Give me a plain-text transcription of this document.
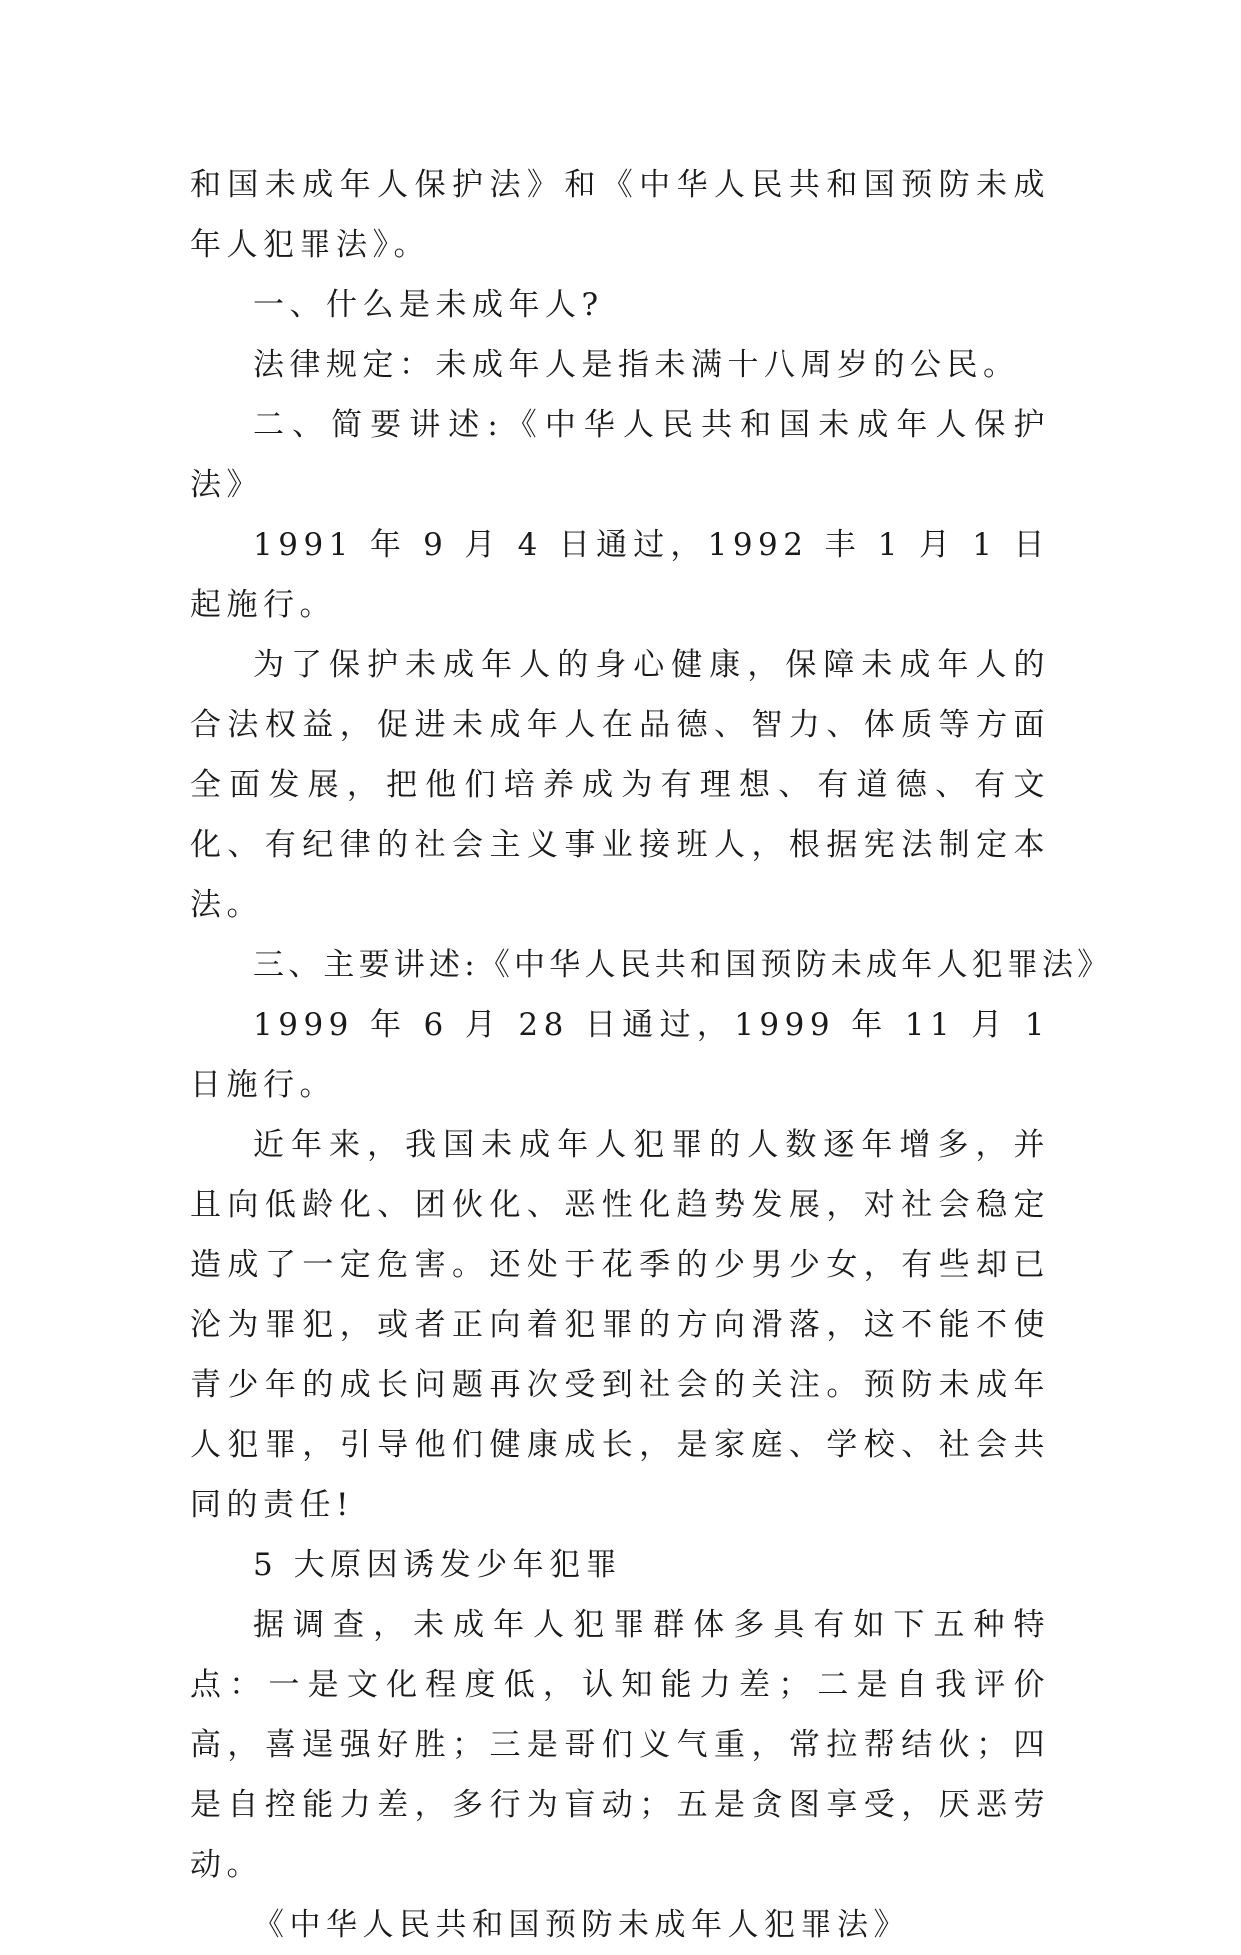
和国未成年人保护法》和《中华人民共和国预防未成年人犯罪法》。

一、什么是未成年人?

法律规定：未成年人是指未满十八周岁的公民。

二、简要讲述:《中华人民共和国未成年人保护法》

1991 年 9 月 4 日通过，1992 丰 1 月 1 日起施行。

为了保护未成年人的身心健康，保障未成年人的合法权益，促进未成年人在品德、智力、体质等方面全面发展，把他们培养成为有理想、有道德、有文化、有纪律的社会主义事业接班人，根据宪法制定本法。

三、主要讲述:《中华人民共和国预防未成年人犯罪法》

1999 年 6 月 28 日通过，1999 年 11 月 1 日施行。

近年来，我国未成年人犯罪的人数逐年增多，并且向低龄化、团伙化、恶性化趋势发展，对社会稳定造成了一定危害。还处于花季的少男少女，有些却已沦为罪犯，或者正向着犯罪的方向滑落，这不能不使青少年的成长问题再次受到社会的关注。预防未成年人犯罪，引导他们健康成长，是家庭、学校、社会共同的责任!

5 大原因诱发少年犯罪

据调查，未成年人犯罪群体多具有如下五种特点：一是文化程度低，认知能力差；二是自我评价高，喜逞强好胜；三是哥们义气重，常拉帮结伙；四是自控能力差，多行为盲动；五是贪图享受，厌恶劳动。

《中华人民共和国预防未成年人犯罪法》
